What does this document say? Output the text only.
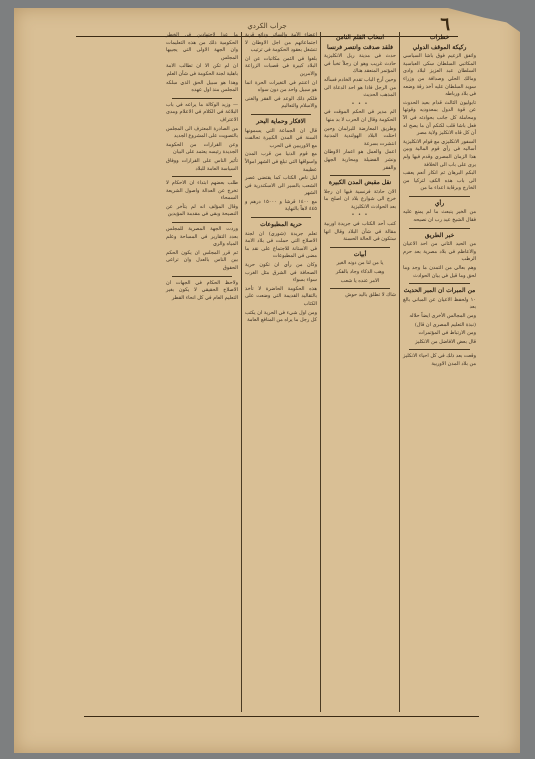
جراب الكردي	٦
خطرات
ركيكة الموقف الدولي

واتفق الزعيم فوق باشا السياسي المكاتبي السلطان سكى العباسية السلطان عبد العزيز لبلاد وادى ومالك الحلي وصدافة من وزراء سويد السلطان عليه أخذ رقة وضعه في بلاد ورباطه

تابوليون الثالث قدام بعيد الحدوث عن قوة الدول بمعدوديه وقوتها ومحاملة كل جانب بحوادثه في الآ فعل باشا قلب لكنكم أن ما يصح له أن كل قاه الانكليز ولاية مصر

السفور الانكليزي مع قوام الانكليزية أساليه في رأي قوم المالية وبين هذا الزمان المصري وقدم فيها ولم يرى على باب الى الخلافة

البكم البرهان ثم انكار أنعم يعقب الى باب هذه الكف لتركيا من الخارج وبرقابة اعداء ما من

رأي

من الخير ينبعث ما لم يمنع عليه فقال الشيخ عيد رب ان نصيحه

خبر الطريق

من الحيد الثاني من احد الاعيان والاعاظم في بلاد مصرية بعد حرم الرطب

وهم بعالي من التمدن ما وجد وما لحق وما قيل في بيان الحوادث

من المبرات ان المبر الحديث

١٠ ولحفظ الاعيان عن المباني بالغ بعد

ومن المجالس الأخرى ايضاً حلاله

(نبذة التعليم المصرى ان قال)

ومن الارتباط في المؤتمرات

قال بعض الافاضل من الانكليز

وقعت بعد ذلك في كل احياء الانكليز من بلاد المدن الاوربية

انتخاب القلم الثامن
فلقد صدقت وانتصر فرنسا

حدث في مدينة ريل الانكليزية حادث غريب وهو ان رجلاً تخبأ في المؤتمر المنعقد هناك

وحين أرخ الباب تقدم الخادم فسأله من الرجل فاذا هو احد الدعاة الى المذهب الحديث

• • •

الم مدير في الحكم الموقت في الحكومة وقال ان الحرب لا بد منها

وطريق المعارضة للبرلمان وحين احتلت البلاد الهولندية المدنية انتشرت بسرعة

اعمل والعمل هو اعمار الاوطان ونشر الفضيلة ومحاربة الجهل والفقر

نقل مقبض المدن الكبيرة

الان حادثة فرنسية فيها ان رجلا خرج الى شوارع بلاد ان اصلح ما بعد الحوادث الانكليزية

• • •

كتب أحد الكتاب في جريدة اوربية مقالة في شأن البلاد وقال انها ستكون في الحالة الحسنة

أبيات

يا من لنا من دونه الغير

وهب الذكاء وجاد بالفكر

الامر عنده يا شعب

شاك لا تطلق باليد حوش

اعضاء الأمة والسائر ودائع قرية اجتماعاتهم من اجل الاوطان لا تنشغل بعقود الحكومة في ترتيب

بلغوا في الثمن مكاتبات عن ان البلاد كبيرة في قصبات الزراعة والامرين

ان اعنتم في التغيرات الحرة انما هو سبيل واحد من دون سواه

فلكم ذلك الوعد في الفقر والغنى والاسلام والتعاليم

الافكار وحماية البحر

قال ان الجماعة التي يسمونها السنة في المدن الكبيرة تحالفت مع الاوربيين في الحرب

مع قوم الدنيا من قرب المدن واسواقها التي تبلغ في الشهر اموالاً عظيمة

ليل ناص الكتاب كما يقتضي عصر الشعب بالسير الى الاسكندرية في الشهر

مع ١٤٠٠ قرشا و ١٥٠٠٠ درهم و ٤٤٥ لاهاً بالنهاية

حرية المطبوعات

تعلم جريدة (شوري) ان لجنة الاصلاح التي حملت في بلاد الامة في الاستانة للاجتماع على نقد ما مضى في المطبوعات

وكان من رأي ان تكون حرية الصحافة في الشرق مثل الغرب سواء بسواء

هذه الحكومة الحاضرة لا تأخذ بالتقاليد القديمة التي وضعت على الكتاب

ومن اول شيء في الحرية ان يكتب كل رجل ما يراه من المنافع العامة

ما عدا لاجتهادين في الخطر الحكومية ذلك من هذه التعليمات وان الجهة الاولى التي يجيبها المجلس

ان لم تكن الا ان تطالب الامة باهلية لجنة الحكومة في شأن العلم

وهذا هو سبيل الحق الذي سلكه المجلس منذ اول عهده

— وزيد الوكالة ما يراعه في باب البلاغة في الكلام في الاعلام ومدى الاعتراف

من الصادرة المعترف الى المجلس بالتصويت على المشروع الجديد

وعن القرارات من الحكومة الجديدة رئيسه يعتمد على البيان

تأثير الناس على القرارات ووفاق السياسة العامة للبلاد

طلب بعضهم ابتداء ان الاحكام لا تخرج عن العدالة واصول الشريعة السمحاء

وقال المؤلف انه لم يتأخر عن النصيحة وبقي في مقدمة المؤيدين

وردت الجهة المصرية للمجلس بعدد التقارير في المساحة وعلم المياه والري

ثم قرر المجلس ان يكون الحكم بين الناس بالعدل وان تراعى الحقوق

ولاحظ الحكام في الجهات ان الاصلاح الحقيقي لا يكون بغير التعليم العام في كل انحاء القطر
